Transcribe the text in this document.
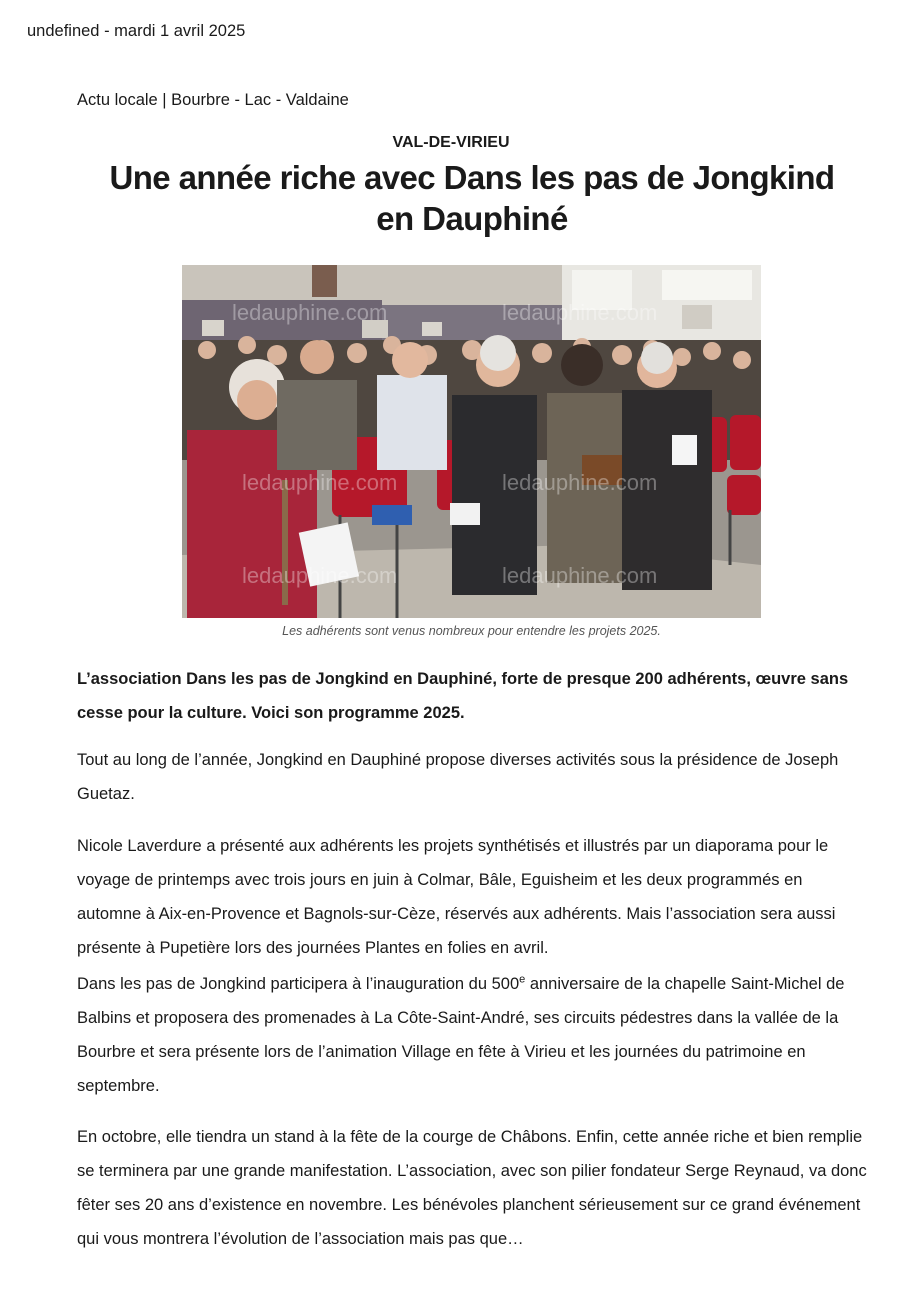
undefined - mardi 1 avril 2025
Actu locale | Bourbre - Lac - Valdaine
VAL-DE-VIRIEU
Une année riche avec Dans les pas de Jongkind en Dauphiné
ledauphine.com	ledauphine.com
ledauphine.com	ledauphine.com
ledauphine.com	ledauphine.com
Les adhérents sont venus nombreux pour entendre les projets 2025.
L’association Dans les pas de Jongkind en Dauphiné, forte de presque 200 adhérents, œuvre sans cesse pour la culture. Voici son programme 2025.
Tout au long de l’année, Jongkind en Dauphiné propose diverses activités sous la présidence de Joseph Guetaz.
Nicole Laverdure a présenté aux adhérents les projets synthétisés et illustrés par un diaporama pour le voyage de printemps avec trois jours en juin à Colmar, Bâle, Eguisheim et les deux programmés en automne à Aix-en-Provence et Bagnols-sur-Cèze, réservés aux adhérents. Mais l’association sera aussi présente à Pupetière lors des journées Plantes en folies en avril.
Dans les pas de Jongkind participera à l’inauguration du 500e anniversaire de la chapelle Saint-Michel de Balbins et proposera des promenades à La Côte-Saint-André, ses circuits pédestres dans la vallée de la Bourbre et sera présente lors de l’animation Village en fête à Virieu et les journées du patrimoine en septembre.
En octobre, elle tiendra un stand à la fête de la courge de Châbons. Enfin, cette année riche et bien remplie se terminera par une grande manifestation. L’association, avec son pilier fondateur Serge Reynaud, va donc fêter ses 20 ans d’existence en novembre. Les bénévoles planchent sérieusement sur ce grand événement qui vous montrera l’évolution de l’association mais pas que…
